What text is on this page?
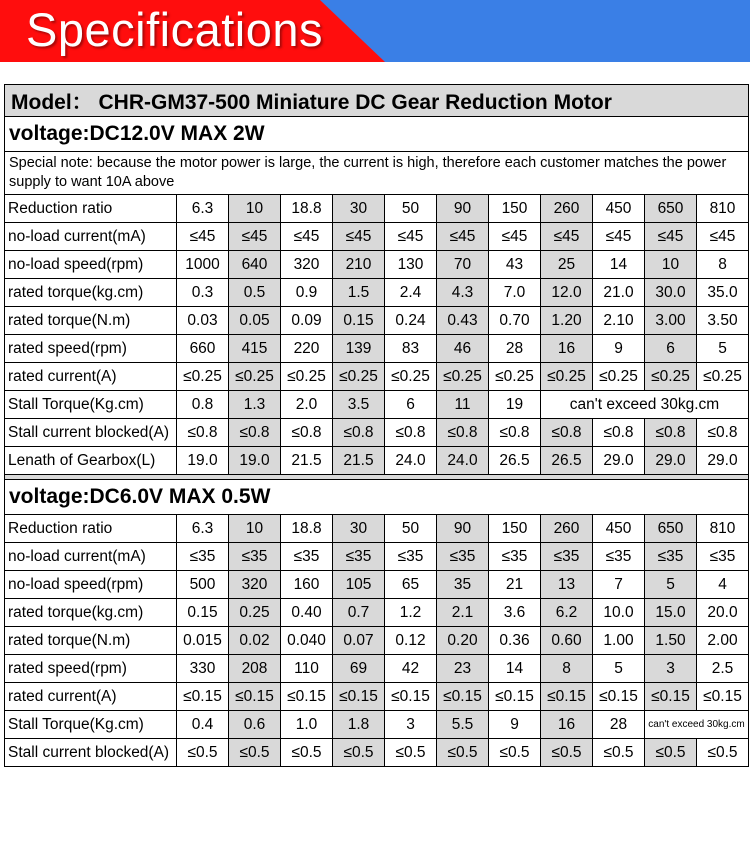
Specifications
Model： CHR-GM37-500 Miniature DC Gear Reduction Motor											
voltage:DC12.0V MAX 2W											
Special note: because the motor power is large, the current is high, therefore each customer matches the power supply to want 10A above											
Reduction ratio	6.3	10	18.8	30	50	90	150	260	450	650	810
no-load current(mA)	≤45	≤45	≤45	≤45	≤45	≤45	≤45	≤45	≤45	≤45	≤45
no-load speed(rpm)	1000	640	320	210	130	70	43	25	14	10	8
rated torque(kg.cm)	0.3	0.5	0.9	1.5	2.4	4.3	7.0	12.0	21.0	30.0	35.0
rated torque(N.m)	0.03	0.05	0.09	0.15	0.24	0.43	0.70	1.20	2.10	3.00	3.50
rated speed(rpm)	660	415	220	139	83	46	28	16	9	6	5
rated current(A)	≤0.25	≤0.25	≤0.25	≤0.25	≤0.25	≤0.25	≤0.25	≤0.25	≤0.25	≤0.25	≤0.25
Stall Torque(Kg.cm)	0.8	1.3	2.0	3.5	6	11	19	can't exceed 30kg.cm			
Stall current blocked(A)	≤0.8	≤0.8	≤0.8	≤0.8	≤0.8	≤0.8	≤0.8	≤0.8	≤0.8	≤0.8	≤0.8
Lenath of Gearbox(L)	19.0	19.0	21.5	21.5	24.0	24.0	26.5	26.5	29.0	29.0	29.0

voltage:DC6.0V MAX 0.5W											
Reduction ratio	6.3	10	18.8	30	50	90	150	260	450	650	810
no-load current(mA)	≤35	≤35	≤35	≤35	≤35	≤35	≤35	≤35	≤35	≤35	≤35
no-load speed(rpm)	500	320	160	105	65	35	21	13	7	5	4
rated torque(kg.cm)	0.15	0.25	0.40	0.7	1.2	2.1	3.6	6.2	10.0	15.0	20.0
rated torque(N.m)	0.015	0.02	0.040	0.07	0.12	0.20	0.36	0.60	1.00	1.50	2.00
rated speed(rpm)	330	208	110	69	42	23	14	8	5	3	2.5
rated current(A)	≤0.15	≤0.15	≤0.15	≤0.15	≤0.15	≤0.15	≤0.15	≤0.15	≤0.15	≤0.15	≤0.15
Stall Torque(Kg.cm)	0.4	0.6	1.0	1.8	3	5.5	9	16	28	can't exceed 30kg.cm	
Stall current blocked(A)	≤0.5	≤0.5	≤0.5	≤0.5	≤0.5	≤0.5	≤0.5	≤0.5	≤0.5	≤0.5	≤0.5
